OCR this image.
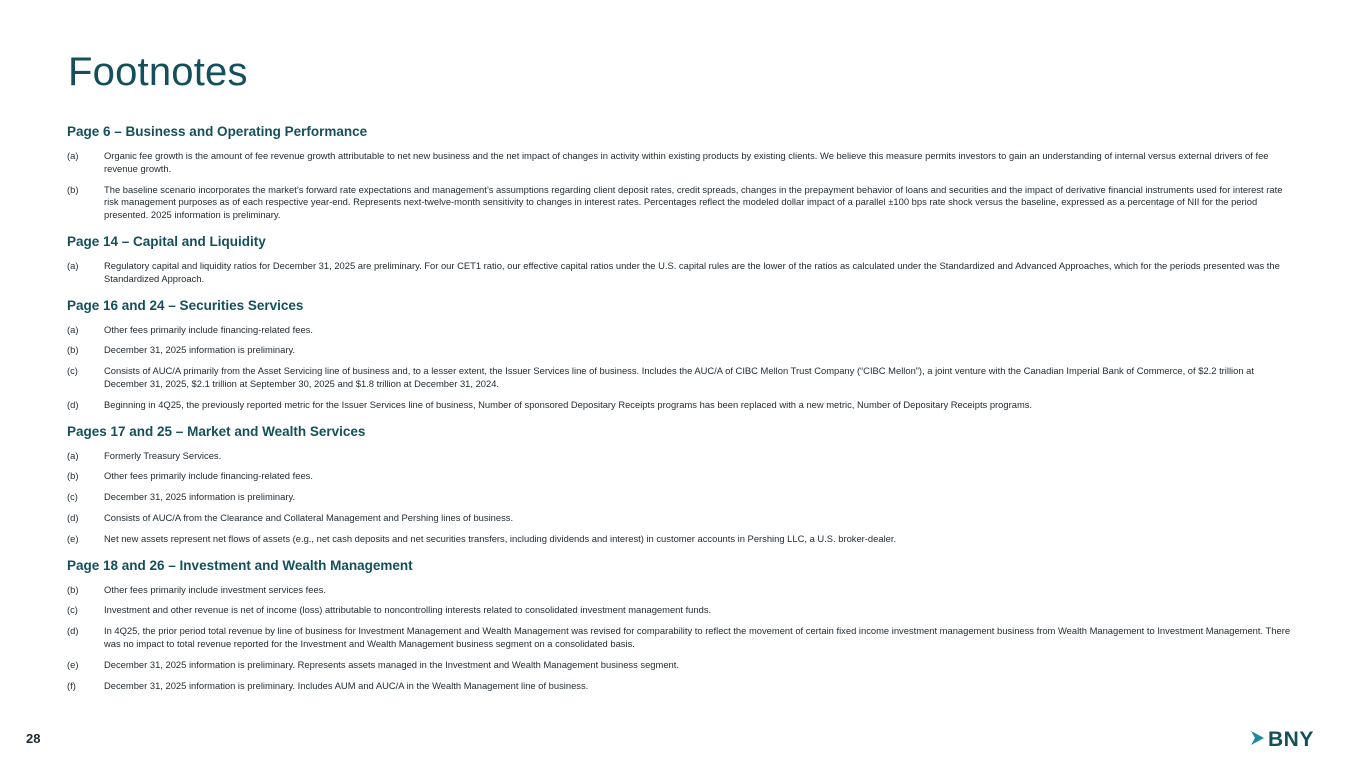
Footnotes
Page 6 – Business and Operating Performance
(a)	Organic fee growth is the amount of fee revenue growth attributable to net new business and the net impact of changes in activity within existing products by existing clients. We believe this measure permits investors to gain an understanding of internal versus external drivers of fee revenue growth.
(b)	The baseline scenario incorporates the market’s forward rate expectations and management’s assumptions regarding client deposit rates, credit spreads, changes in the prepayment behavior of loans and securities and the impact of derivative financial instruments used for interest rate risk management purposes as of each respective year-end. Represents next-twelve-month sensitivity to changes in interest rates. Percentages reflect the modeled dollar impact of a parallel ±100 bps rate shock versus the baseline, expressed as a percentage of NII for the period presented. 2025 information is preliminary.
Page 14 – Capital and Liquidity
(a)	Regulatory capital and liquidity ratios for December 31, 2025 are preliminary. For our CET1 ratio, our effective capital ratios under the U.S. capital rules are the lower of the ratios as calculated under the Standardized and Advanced Approaches, which for the periods presented was the Standardized Approach.
Page 16 and 24 – Securities Services
(a)	Other fees primarily include financing-related fees.
(b)	December 31, 2025 information is preliminary.
(c)	Consists of AUC/A primarily from the Asset Servicing line of business and, to a lesser extent, the Issuer Services line of business. Includes the AUC/A of CIBC Mellon Trust Company (“CIBC Mellon”), a joint venture with the Canadian Imperial Bank of Commerce, of $2.2 trillion at December 31, 2025, $2.1 trillion at September 30, 2025 and $1.8 trillion at December 31, 2024.
(d)	Beginning in 4Q25, the previously reported metric for the Issuer Services line of business, Number of sponsored Depositary Receipts programs has been replaced with a new metric, Number of Depositary Receipts programs.
Pages 17 and 25 – Market and Wealth Services
(a)	Formerly Treasury Services.
(b)	Other fees primarily include financing-related fees.
(c)	December 31, 2025 information is preliminary.
(d)	Consists of AUC/A from the Clearance and Collateral Management and Pershing lines of business.
(e)	Net new assets represent net flows of assets (e.g., net cash deposits and net securities transfers, including dividends and interest) in customer accounts in Pershing LLC, a U.S. broker-dealer.
Page 18 and 26 – Investment and Wealth Management
(b)	Other fees primarily include investment services fees.
(c)	Investment and other revenue is net of income (loss) attributable to noncontrolling interests related to consolidated investment management funds.
(d)	In 4Q25, the prior period total revenue by line of business for Investment Management and Wealth Management was revised for comparability to reflect the movement of certain fixed income investment management business from Wealth Management to Investment Management. There was no impact to total revenue reported for the Investment and Wealth Management business segment on a consolidated basis.
(e)	December 31, 2025 information is preliminary. Represents assets managed in the Investment and Wealth Management business segment.
(f)	December 31, 2025 information is preliminary. Includes AUM and AUC/A in the Wealth Management line of business.
28	BNY
